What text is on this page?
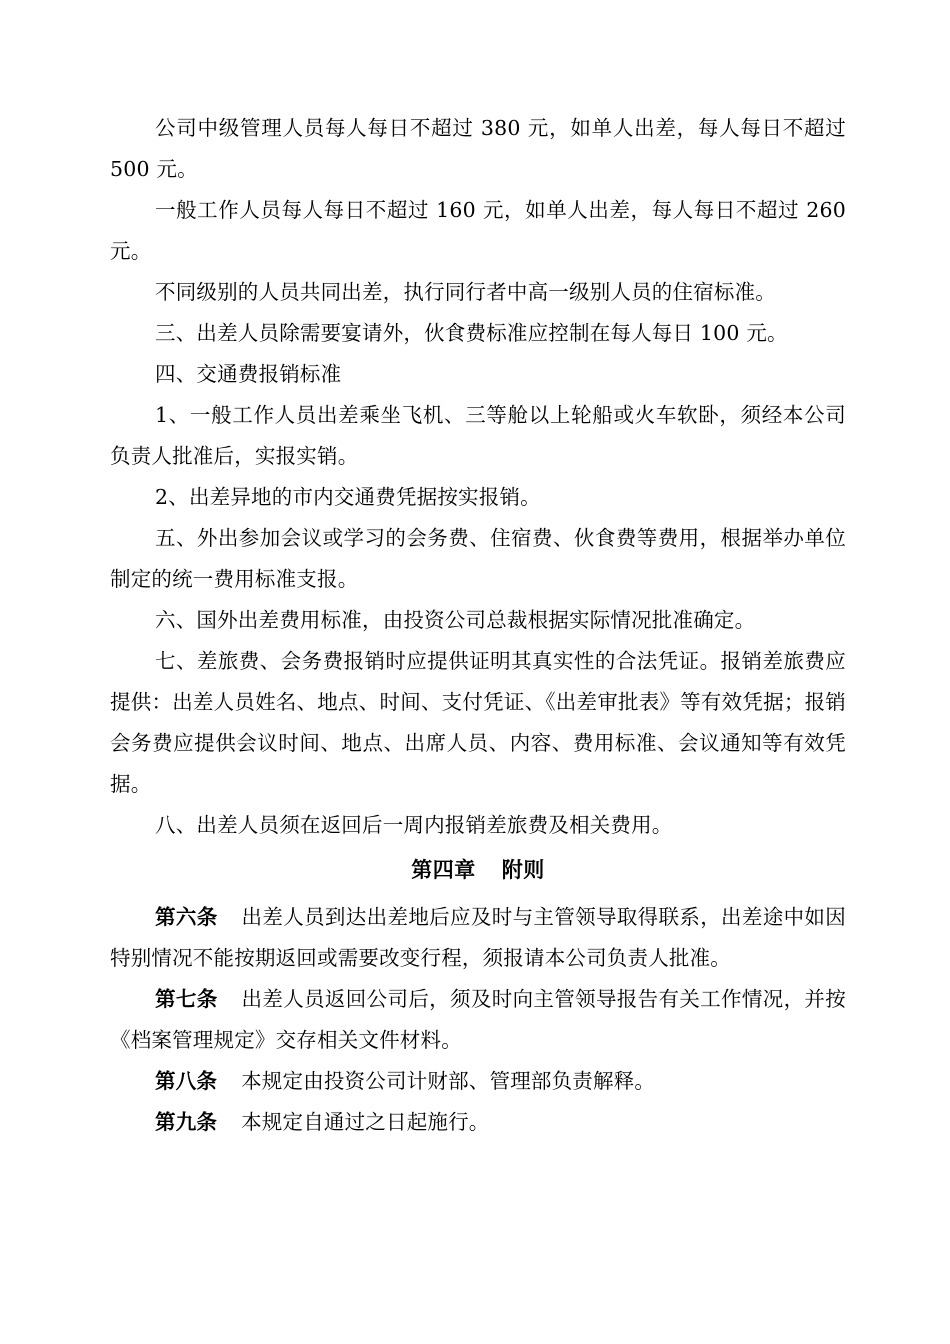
公司中级管理人员每人每日不超过 380 元，如单人出差，每人每日不超过 500 元。

一般工作人员每人每日不超过 160 元，如单人出差，每人每日不超过 260 元。

不同级别的人员共同出差，执行同行者中高一级别人员的住宿标准。

三、出差人员除需要宴请外，伙食费标准应控制在每人每日 100 元。

四、交通费报销标准

1、一般工作人员出差乘坐飞机、三等舱以上轮船或火车软卧，须经本公司负责人批准后，实报实销。

2、出差异地的市内交通费凭据按实报销。

五、外出参加会议或学习的会务费、住宿费、伙食费等费用，根据举办单位制定的统一费用标准支报。

六、国外出差费用标准，由投资公司总裁根据实际情况批准确定。

七、差旅费、会务费报销时应提供证明其真实性的合法凭证。报销差旅费应提供：出差人员姓名、地点、时间、支付凭证、《出差审批表》等有效凭据；报销会务费应提供会议时间、地点、出席人员、内容、费用标准、会议通知等有效凭据。

八、出差人员须在返回后一周内报销差旅费及相关费用。

第四章 附则

第六条 出差人员到达出差地后应及时与主管领导取得联系，出差途中如因特别情况不能按期返回或需要改变行程，须报请本公司负责人批准。

第七条 出差人员返回公司后，须及时向主管领导报告有关工作情况，并按《档案管理规定》交存相关文件材料。

第八条 本规定由投资公司计财部、管理部负责解释。

第九条 本规定自通过之日起施行。
